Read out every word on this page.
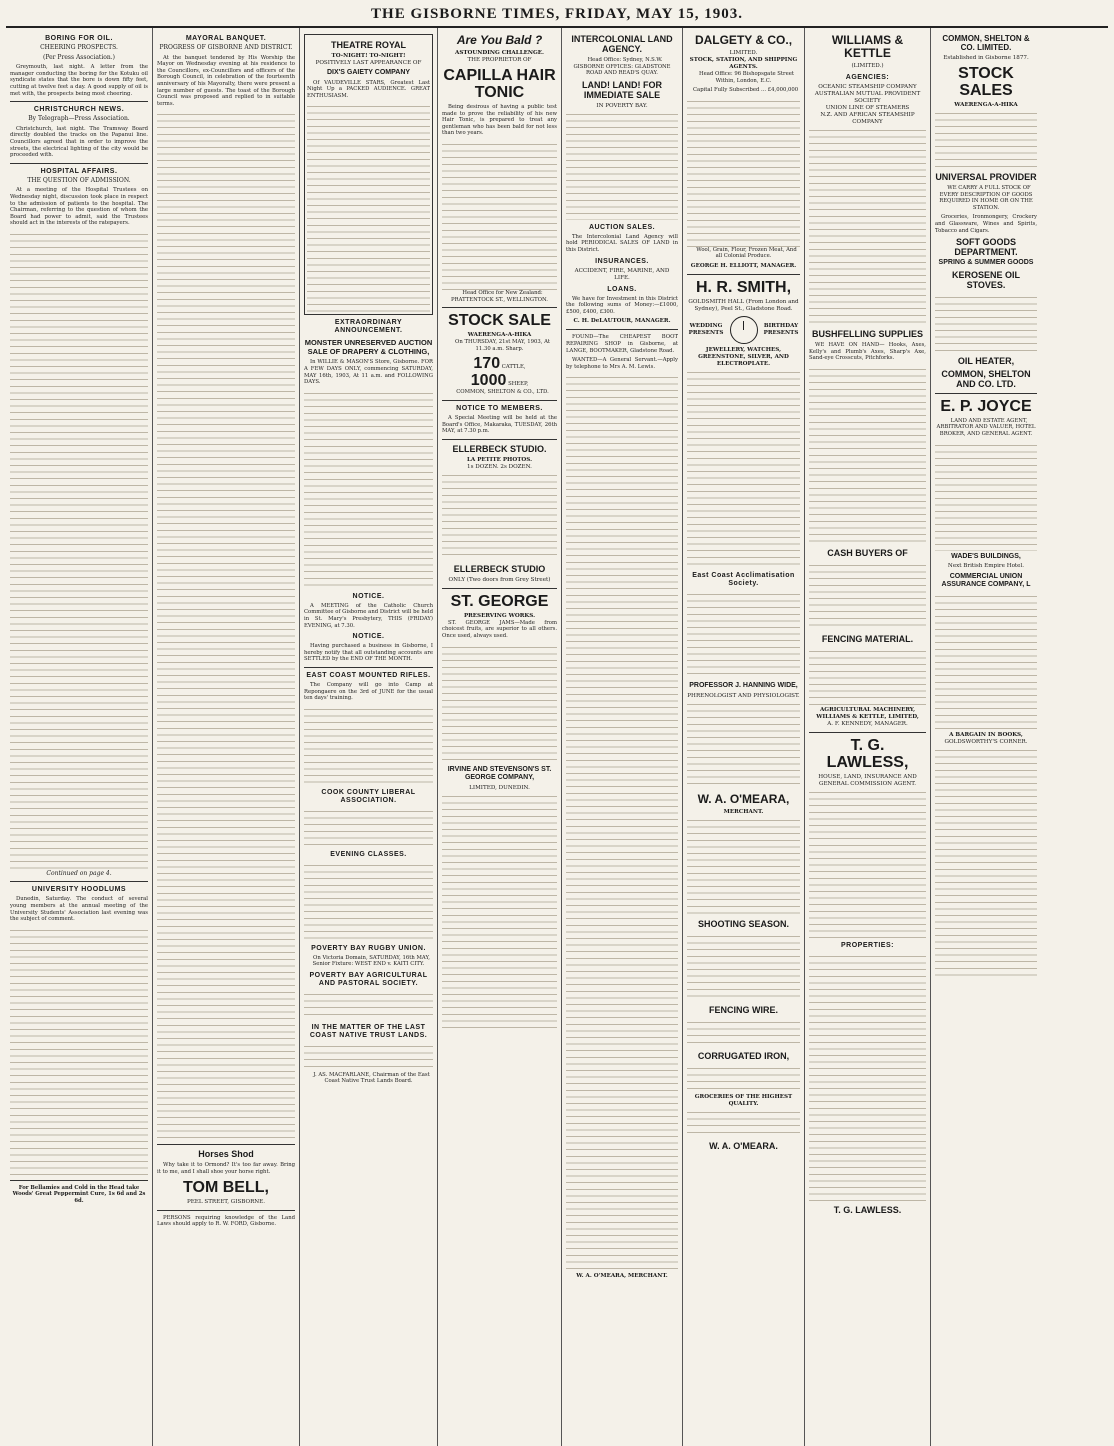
THE GISBORNE TIMES, FRIDAY, MAY 15, 1903.
BORING FOR OIL.
CHEERING PROSPECTS.
(Per Press Association.)

Greymouth, last night. A letter from the manager conducting the boring for the Kotuku oil syndicate states that the bore is down fifty feet, cutting at twelve feet a day. A good supply of oil is met with, the prospects being most cheering.

CHRISTCHURCH NEWS.
By Telegraph—Press Association.

Christchurch, last night. The Tramway Board directly doubled the tracks on the Papanui line. Councillors agreed that in order to improve the streets, the electrical lighting of the city would be proceeded with.

HOSPITAL AFFAIRS.
THE QUESTION OF ADMISSION.

At a meeting of the Hospital Trustees on Wednesday night, discussion took place in respect to the admission of patients to the hospital. The Chairman, referring to the question of whom the Board had power to admit, said the Trustees should act in the interests of the ratepayers.

Continued on page 4.
UNIVERSITY HOODLUMS

Dunedin, Saturday. The conduct of several young members at the annual meeting of the University Students' Association last evening was the subject of comment.

For Bellamies and Cold in the Head take Woods' Great Peppermint Cure, 1s 6d and 2s 6d.
MAYORAL BANQUET.
PROGRESS OF GISBORNE AND DISTRICT.

At the banquet tendered by His Worship the Mayor on Wednesday evening at his residence to the Councillors, ex-Councillors and officers of the Borough Council, in celebration of the fourteenth anniversary of his Mayoralty, there were present a large number of guests. The toast of the Borough Council was proposed and replied to in suitable terms.

Horses Shod

Why take it to Ormond? It's too far away. Bring it to me, and I shall shoe your horse right.

TOM BELL,
PEEL STREET, GISBORNE.

PERSONS requiring knowledge of the Land Laws should apply to R. W. FORD, Gisborne.

THEATRE ROYAL
TO-NIGHT! TO-NIGHT!
POSITIVELY LAST APPEARANCE OF
DIX'S GAIETY COMPANY

Of VAUDEVILLE STARS, Greatest Last Night Up a PACKED AUDIENCE. GREAT ENTHUSIASM.

EXTRAORDINARY ANNOUNCEMENT.
MONSTER UNRESERVED AUCTION SALE OF DRAPERY & CLOTHING,

In WILLIE & MASON'S Store, Gisborne. FOR A FEW DAYS ONLY, commencing SATURDAY, MAY 16th, 1903, At 11 a.m. and FOLLOWING DAYS.

NOTICE.

A MEETING of the Catholic Church Committee of Gisborne and District will be held in St. Mary's Presbytery, THIS (FRIDAY) EVENING, at 7.30.

NOTICE.

Having purchased a business in Gisborne, I hereby notify that all outstanding accounts are SETTLED by the END OF THE MONTH.

EAST COAST MOUNTED RIFLES.

The Company will go into Camp at Repongaere on the 3rd of JUNE for the usual ten days' training.

COOK COUNTY LIBERAL ASSOCIATION.
EVENING CLASSES.
POVERTY BAY RUGBY UNION.

On Victoria Domain, SATURDAY, 16th MAY, Senior Fixture: WEST END v. KAITI CITY.

POVERTY BAY AGRICULTURAL AND PASTORAL SOCIETY.
IN THE MATTER OF THE LAST COAST NATIVE TRUST LANDS.

J. AS. MACFARLANE, Chairman of the East Coast Native Trust Lands Board.

Are You Bald ?
ASTOUNDING CHALLENGE.
THE PROPRIETOR OF
CAPILLA HAIR TONIC

Being desirous of having a public test made to prove the reliability of his new Hair Tonic, is prepared to treat any gentleman who has been bald for not less than two years.

Head Office for New Zealand: PRATTENTOCK ST., WELLINGTON.

STOCK SALE
WAERENGA-A-HIKA

On THURSDAY, 21st MAY, 1903, At 11.30 a.m. Sharp.

170 CATTLE,
1000 SHEEP,

COMMON, SHELTON & CO., LTD.

NOTICE TO MEMBERS.

A Special Meeting will be held at the Board's Office, Makaraka, TUESDAY, 26th MAY, at 7.30 p.m.

ELLERBECK STUDIO.
LA PETITE PHOTOS.
1s DOZEN. 2s DOZEN.
ELLERBECK STUDIO
ONLY (Two doors from Grey Street)
ST. GEORGE
PRESERVING WORKS.

ST. GEORGE JAMS—Made from choicest fruits, are superior to all others. Once used, always used.

IRVINE AND STEVENSON'S ST. GEORGE COMPANY,
LIMITED, DUNEDIN.
INTERCOLONIAL LAND AGENCY.

Head Office: Sydney, N.S.W. GISBORNE OFFICES: GLADSTONE ROAD AND READ'S QUAY.

LAND! LAND! FOR IMMEDIATE SALE
IN POVERTY BAY.
AUCTION SALES.

The Intercolonial Land Agency will hold PERIODICAL SALES OF LAND in this District.

INSURANCES.
ACCIDENT, FIRE, MARINE, AND LIFE.
LOANS.

We have for Investment in this District the following sums of Money:—£1000, £500, £400, £300.

C. H. DeLAUTOUR, MANAGER.

FOUND—The CHEAPEST BOOT REPAIRING SHOP in Gisborne, at LANGE, BOOTMAKER, Gladstone Road.

WANTED—A General Servant.—Apply by telephone to Mrs A. M. Lewis.

W. A. O'MEARA, MERCHANT.
DALGETY & CO.,
LIMITED.
STOCK, STATION, AND SHIPPING AGENTS.

Head Office: 96 Bishopsgate Street Within, London, E.C.

Capital Fully Subscribed ... £4,000,000

Wool, Grain, Flour, Frozen Meat, And all Colonial Produce.

GEORGE H. ELLIOTT, MANAGER.
H. R. SMITH,
GOLDSMITH HALL (From London and Sydney), Peel St., Gladstone Road.
WEDDING PRESENTS
BIRTHDAY PRESENTS
JEWELLERY, WATCHES, GREENSTONE, SILVER, AND ELECTROPLATE.
East Coast Acclimatisation Society.
PROFESSOR J. HANNING WIDE,
PHRENOLOGIST AND PHYSIOLOGIST.
W. A. O'MEARA,
MERCHANT.
SHOOTING SEASON.
FENCING WIRE.
CORRUGATED IRON,
GROCERIES OF THE HIGHEST QUALITY.
W. A. O'MEARA.
WILLIAMS & KETTLE
(LIMITED.)
AGENCIES:
OCEANIC STEAMSHIP COMPANY
AUSTRALIAN MUTUAL PROVIDENT SOCIETY
UNION LINE OF STEAMERS
N.Z. AND AFRICAN STEAMSHIP COMPANY
BUSHFELLING SUPPLIES

WE HAVE ON HAND— Hooks, Axes, Kelly's and Plumb's Axes, Sharp's Axe, Sand-eye Crosscuts, Pitchforks.

CASH BUYERS OF
FENCING MATERIAL.
AGRICULTURAL MACHINERY,
WILLIAMS & KETTLE, LIMITED,
A. F. KENNEDY, MANAGER.
T. G. LAWLESS,
HOUSE, LAND, INSURANCE AND GENERAL COMMISSION AGENT.
PROPERTIES:
T. G. LAWLESS.
COMMON, SHELTON & CO. LIMITED.
Established in Gisborne 1877.
STOCK SALES
WAERENGA-A-HIKA
UNIVERSAL PROVIDER

WE CARRY A FULL STOCK OF EVERY DESCRIPTION OF GOODS REQUIRED IN HOME OR ON THE STATION.

Groceries, Ironmongery, Crockery and Glassware, Wines and Spirits, Tobacco and Cigars.

SOFT GOODS DEPARTMENT.
SPRING & SUMMER GOODS
KEROSENE OIL STOVES.
OIL HEATER,
COMMON, SHELTON AND CO. LTD.
E. P. JOYCE

LAND AND ESTATE AGENT, ARBITRATOR AND VALUER, HOTEL BROKER, AND GENERAL AGENT.

WADE'S BUILDINGS,
Next British Empire Hotel.
COMMERCIAL UNION ASSURANCE COMPANY, L
A BARGAIN IN BOOKS,
GOLDSWORTHY'S CORNER.
